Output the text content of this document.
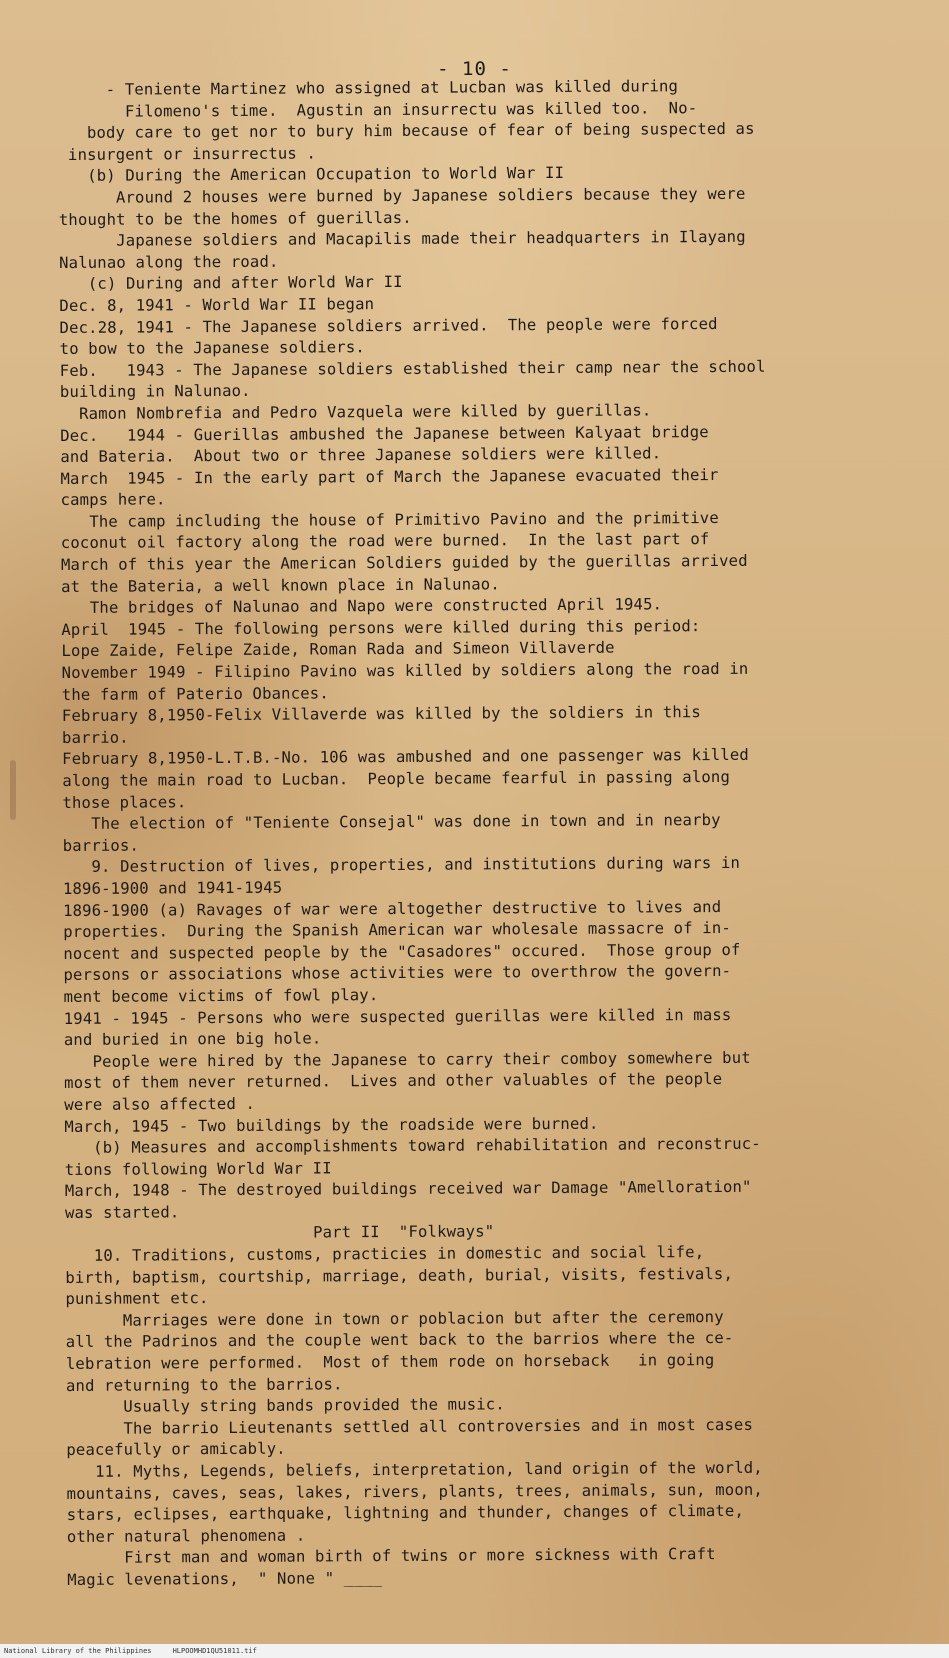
- 10 -
- Teniente Martinez who assigned at Lucban was killed during
Filomeno's time.  Agustin an insurrectu was killed too.  No-
body care to get nor to bury him because of fear of being suspected as
insurgent or insurrectus .
(b) During the American Occupation to World War II
Around 2 houses were burned by Japanese soldiers because they were
thought to be the homes of guerillas.
Japanese soldiers and Macapilis made their headquarters in Ilayang
Nalunao along the road.
(c) During and after World War II
Dec. 8, 1941 - World War II began
Dec.28, 1941 - The Japanese soldiers arrived.  The people were forced
to bow to the Japanese soldiers.
Feb.   1943 - The Japanese soldiers established their camp near the school
building in Nalunao.
Ramon Nombrefia and Pedro Vazquela were killed by guerillas.
Dec.   1944 - Guerillas ambushed the Japanese between Kalyaat bridge
and Bateria.  About two or three Japanese soldiers were killed.
March  1945 - In the early part of March the Japanese evacuated their
camps here.
The camp including the house of Primitivo Pavino and the primitive
coconut oil factory along the road were burned.  In the last part of
March of this year the American Soldiers guided by the guerillas arrived
at the Bateria, a well known place in Nalunao.
The bridges of Nalunao and Napo were constructed April 1945.
April  1945 - The following persons were killed during this period:
Lope Zaide, Felipe Zaide, Roman Rada and Simeon Villaverde
November 1949 - Filipino Pavino was killed by soldiers along the road in
the farm of Paterio Obances.
February 8,1950-Felix Villaverde was killed by the soldiers in this
barrio.
February 8,1950-L.T.B.-No. 106 was ambushed and one passenger was killed
along the main road to Lucban.  People became fearful in passing along
those places.
The election of "Teniente Consejal" was done in town and in nearby
barrios.
9. Destruction of lives, properties, and institutions during wars in
1896-1900 and 1941-1945
1896-1900 (a) Ravages of war were altogether destructive to lives and
properties.  During the Spanish American war wholesale massacre of in-
nocent and suspected people by the "Casadores" occured.  Those group of
persons or associations whose activities were to overthrow the govern-
ment become victims of fowl play.
1941 - 1945 - Persons who were suspected guerillas were killed in mass
and buried in one big hole.
People were hired by the Japanese to carry their comboy somewhere but
most of them never returned.  Lives and other valuables of the people
were also affected .
March, 1945 - Two buildings by the roadside were burned.
(b) Measures and accomplishments toward rehabilitation and reconstruc-
tions following World War II
March, 1948 - The destroyed buildings received war Damage "Amelloration"
was started.
Part II  "Folkways"
10. Traditions, customs, practicies in domestic and social life,
birth, baptism, courtship, marriage, death, burial, visits, festivals,
punishment etc.
Marriages were done in town or poblacion but after the ceremony
all the Padrinos and the couple went back to the barrios where the ce-
lebration were performed.  Most of them rode on horseback   in going
and returning to the barrios.
Usually string bands provided the music.
The barrio Lieutenants settled all controversies and in most cases
peacefully or amicably.
11. Myths, Legends, beliefs, interpretation, land origin of the world,
mountains, caves, seas, lakes, rivers, plants, trees, animals, sun, moon,
stars, eclipses, earthquake, lightning and thunder, changes of climate,
other natural phenomena .
First man and woman birth of twins or more sickness with Craft
Magic levenations,  " None " ____
National Library of the Philippines     HLPOOMHD1QU51011.tif
